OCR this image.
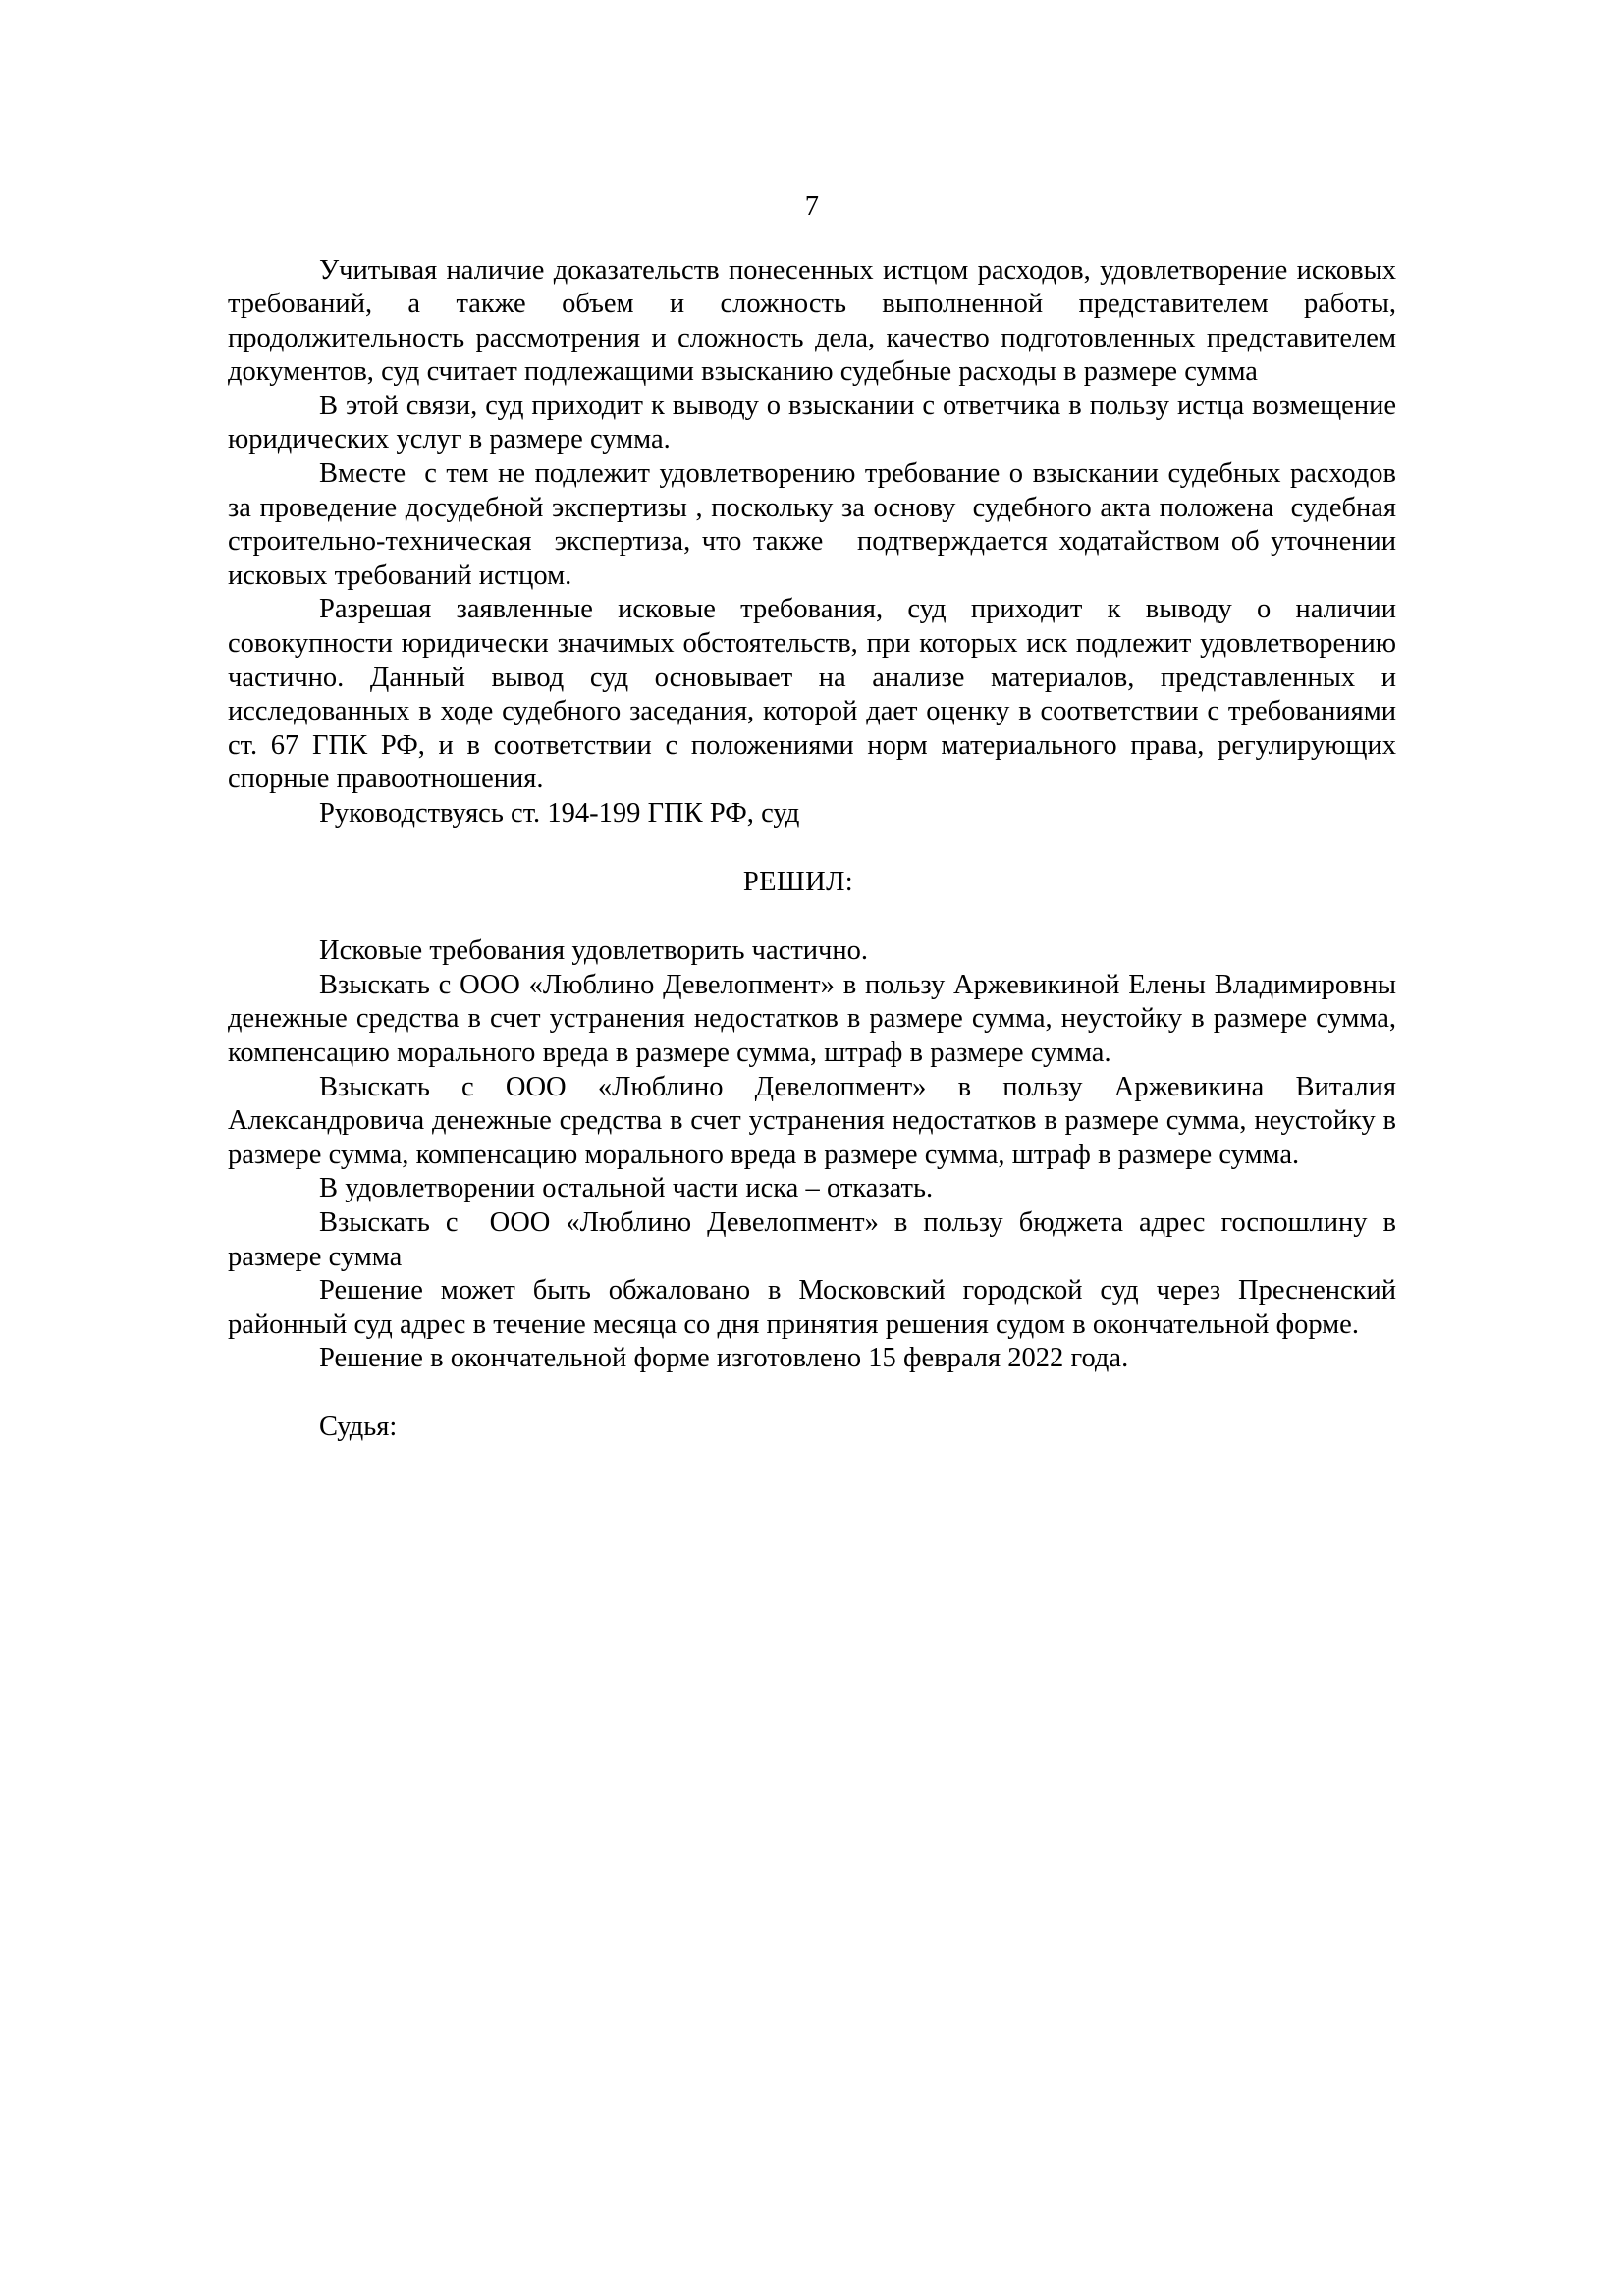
7

Учитывая наличие доказательств понесенных истцом расходов, удовлетворение исковых требований, а также объем и сложность выполненной представителем работы, продолжительность рассмотрения и сложность дела, качество подготовленных представителем документов, суд считает подлежащими взысканию судебные расходы в размере сумма

В этой связи, суд приходит к выводу о взыскании с ответчика в пользу истца возмещение юридических услуг в размере сумма.

Вместе  с тем не подлежит удовлетворению требование о взыскании судебных расходов за проведение досудебной экспертизы , поскольку за основу  судебного акта положена  судебная строительно-техническая  экспертиза, что также   подтверждается ходатайством об уточнении исковых требований истцом.

Разрешая заявленные исковые требования, суд приходит к выводу о наличии совокупности юридически значимых обстоятельств, при которых иск подлежит удовлетворению частично. Данный вывод суд основывает на анализе материалов, представленных и исследованных в ходе судебного заседания, которой дает оценку в соответствии с требованиями ст. 67 ГПК РФ, и в соответствии с положениями норм материального права, регулирующих спорные правоотношения.

Руководствуясь ст. 194-199 ГПК РФ, суд

РЕШИЛ:

Исковые требования удовлетворить частично.

Взыскать с ООО «Люблино Девелопмент» в пользу Аржевикиной Елены Владимировны денежные средства в счет устранения недостатков в размере сумма, неустойку в размере сумма, компенсацию морального вреда в размере сумма, штраф в размере сумма.

Взыскать с ООО «Люблино Девелопмент» в пользу Аржевикина Виталия Александровича денежные средства в счет устранения недостатков в размере сумма, неустойку в размере сумма, компенсацию морального вреда в размере сумма, штраф в размере сумма.

В удовлетворении остальной части иска – отказать.

Взыскать с  ООО «Люблино Девелопмент» в пользу бюджета адрес госпошлину в размере сумма

Решение может быть обжаловано в Московский городской суд через Пресненский районный суд адрес в течение месяца со дня принятия решения судом в окончательной форме.

Решение в окончательной форме изготовлено 15 февраля 2022 года.

Судья:
